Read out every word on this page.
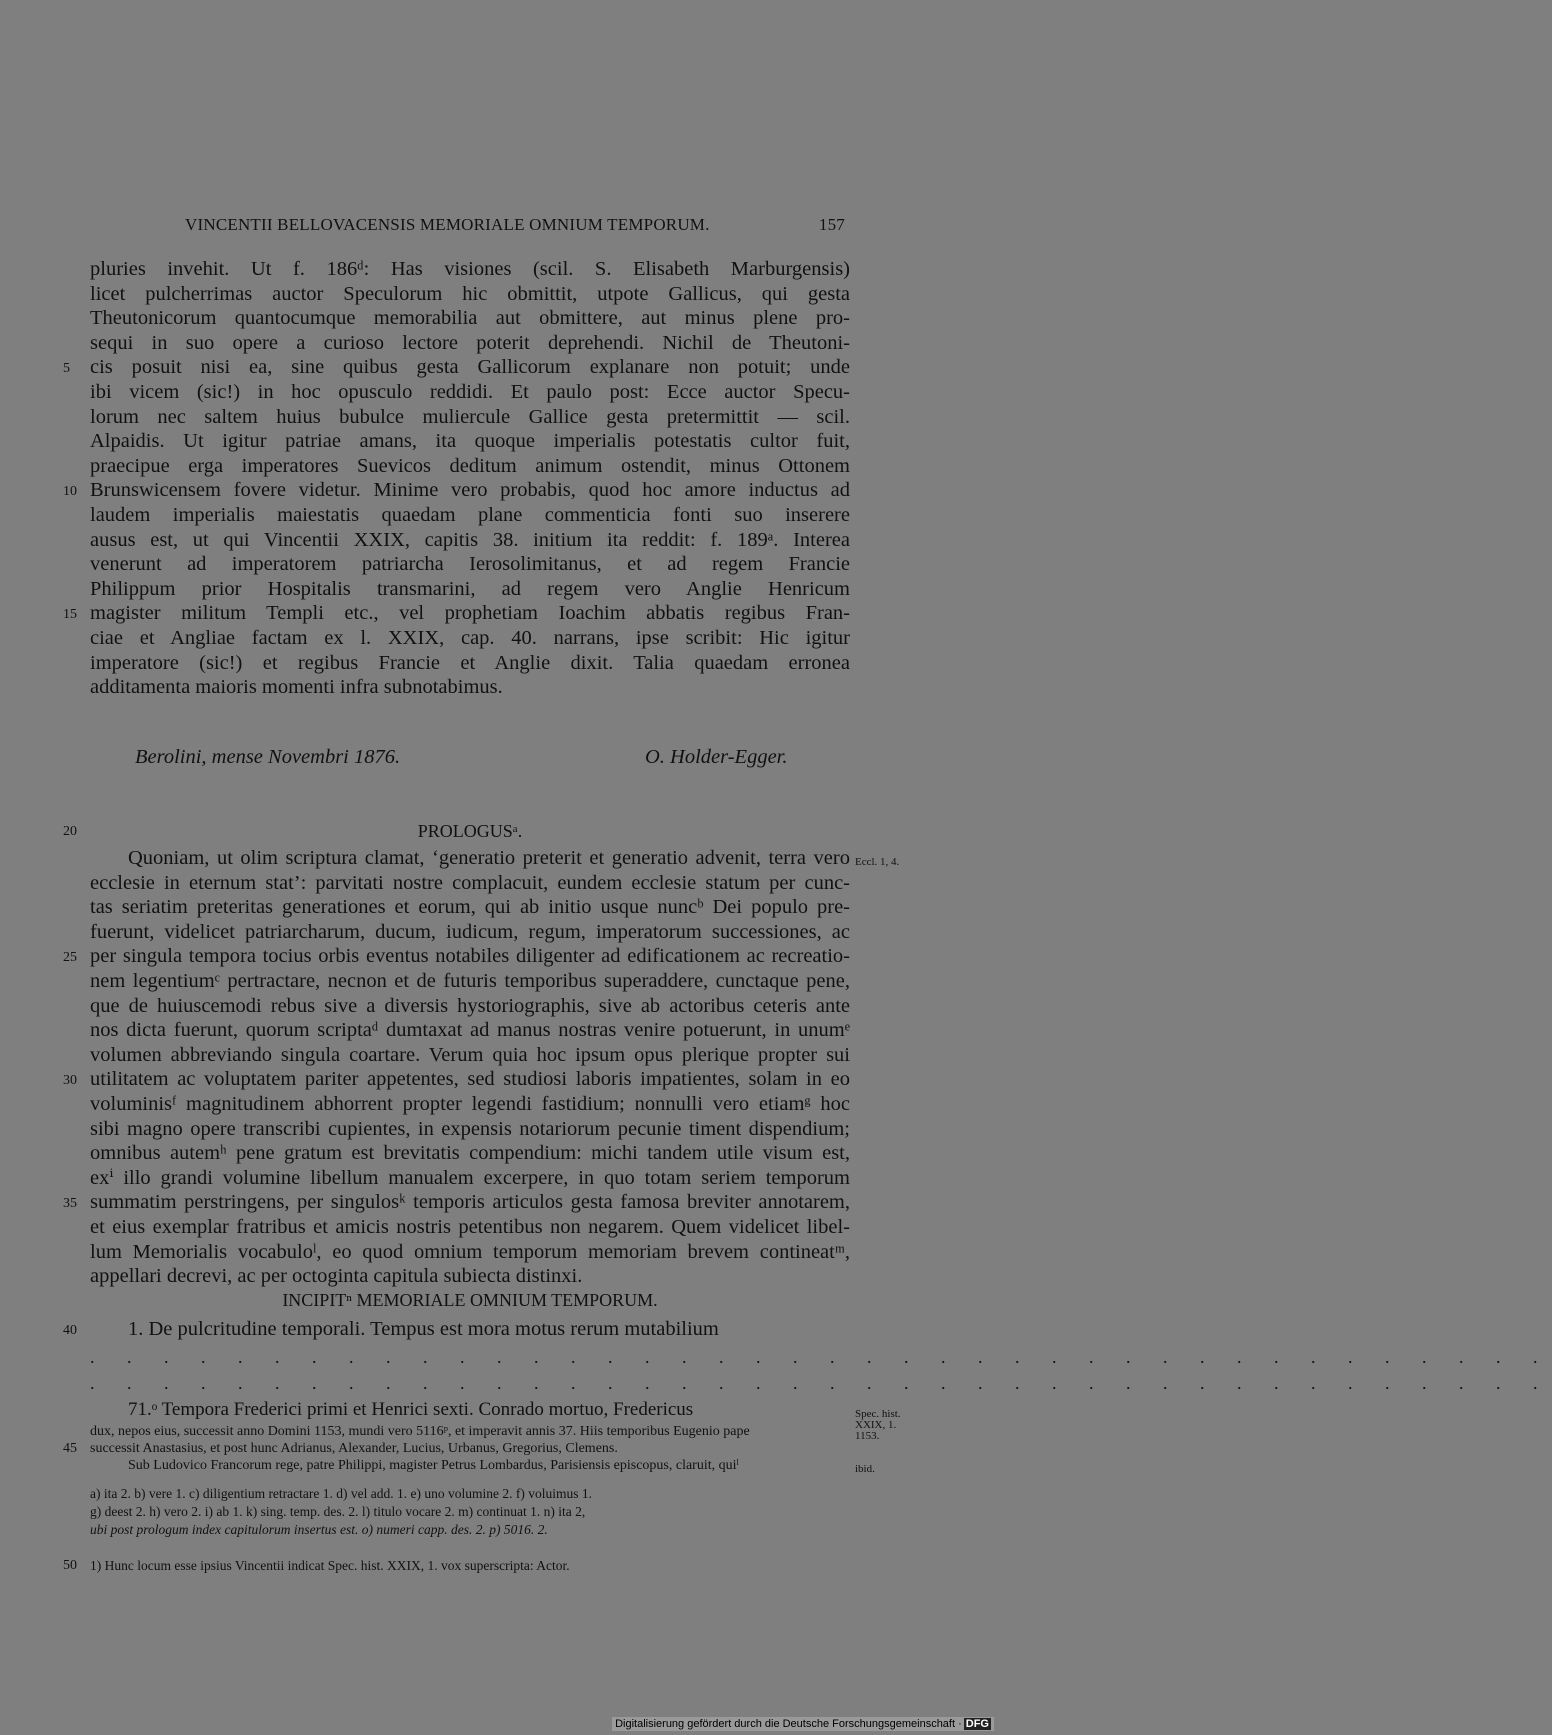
VINCENTII BELLOVACENSIS MEMORIALE OMNIUM TEMPORUM.	157
pluries invehit. Ut f. 186ᵈ: Has visiones (scil. S. Elisabeth Marburgensis)
licet pulcherrimas auctor Speculorum hic obmittit, utpote Gallicus, qui gesta
Theutonicorum quantocumque memorabilia aut obmittere, aut minus plene pro-
sequi in suo opere a curioso lectore poterit deprehendi. Nichil de Theutoni-
5 cis posuit nisi ea, sine quibus gesta Gallicorum explanare non potuit; unde
ibi vicem (sic!) in hoc opusculo reddidi. Et paulo post: Ecce auctor Specu-
lorum nec saltem huius bubulce muliercule Gallice gesta pretermittit — scil.
Alpaidis. Ut igitur patriae amans, ita quoque imperialis potestatis cultor fuit,
praecipue erga imperatores Suevicos deditum animum ostendit, minus Ottonem
10 Brunswicensem fovere videtur. Minime vero probabis, quod hoc amore inductus ad
laudem imperialis maiestatis quaedam plane commenticia fonti suo inserere
ausus est, ut qui Vincentii XXIX, capitis 38. initium ita reddit: f. 189ᵃ. Interea
venerunt ad imperatorem patriarcha Ierosolimitanus, et ad regem Francie
Philippum prior Hospitalis transmarini, ad regem vero Anglie Henricum
15 magister militum Templi etc., vel prophetiam Ioachim abbatis regibus Fran-
ciae et Angliae factam ex l. XXIX, cap. 40. narrans, ipse scribit: Hic igitur
imperatore (sic!) et regibus Francie et Anglie dixit. Talia quaedam erronea
additamenta maioris momenti infra subnotabimus.
Berolini, mense Novembri 1876.	O. Holder-Egger.
20	PROLOGUSᵃ.
Quoniam, ut olim scriptura clamat, ‘generatio preterit et generatio advenit, terra vero Eccl. 1, 4.
ecclesie in eternum stat’: parvitati nostre complacuit, eundem ecclesie statum per cunc-
tas seriatim preteritas generationes et eorum, qui ab initio usque nuncᵇ Dei populo pre-
fuerunt, videlicet patriarcharum, ducum, iudicum, regum, imperatorum successiones, ac
25 per singula tempora tocius orbis eventus notabiles diligenter ad edificationem ac recreatio-
nem legentiumᶜ pertractare, necnon et de futuris temporibus superaddere, cunctaque pene,
que de huiuscemodi rebus sive a diversis hystoriographis, sive ab actoribus ceteris ante
nos dicta fuerunt, quorum scriptaᵈ dumtaxat ad manus nostras venire potuerunt, in unumᵉ
volumen abbreviando singula coartare. Verum quia hoc ipsum opus plerique propter sui
30 utilitatem ac voluptatem pariter appetentes, sed studiosi laboris impatientes, solam in eo
voluminisᶠ magnitudinem abhorrent propter legendi fastidium; nonnulli vero etiamᵍ hoc
sibi magno opere transcribi cupientes, in expensis notariorum pecunie timent dispendium;
omnibus autemʰ pene gratum est brevitatis compendium: michi tandem utile visum est,
exⁱ illo grandi volumine libellum manualem excerpere, in quo totam seriem temporum
35 summatim perstringens, per singulosᵏ temporis articulos gesta famosa breviter annotarem,
et eius exemplar fratribus et amicis nostris petentibus non negarem. Quem videlicet libel-
lum Memorialis vocabuloˡ, eo quod omnium temporum memoriam brevem contineatᵐ,
appellari decrevi, ac per octoginta capitula subiecta distinxi.
INCIPITⁿ MEMORIALE OMNIUM TEMPORUM.
40 1. De pulcritudine temporali. Tempus est mora motus rerum mutabilium
. . . . . . . . . . . . . . . . . . . . . . . . . . . . . . . . . . . . . . . .
. . . . . . . . . . . . . . . . . . . . . . . . . . . . . . . . . . . . . . . .
71.ᵒ Tempora Frederici primi et Henrici sexti. Conrado mortuo, Fredericus	Spec. hist.
dux, nepos eius, successit anno Domini 1153, mundi vero 5116ᵖ, et imperavit annis 37. Hiis temporibus Eugenio pape	XXIX, 1.
1153.
45 successit Anastasius, et post hunc Adrianus, Alexander, Lucius, Urbanus, Gregorius, Clemens.
Sub Ludovico Francorum rege, patre Philippi, magister Petrus Lombardus, Parisiensis episcopus, claruit, quiˡ	ibid.
a) ita 2. b) vere 1. c) diligentium retractare 1. d) vel add. 1. e) uno volumine 2. f) voluimus 1.
g) deest 2. h) vero 2. i) ab 1. k) sing. temp. des. 2. l) titulo vocare 2. m) continuat 1. n) ita 2,
ubi post prologum index capitulorum insertus est. o) numeri capp. des. 2. p) 5016. 2.
50 1) Hunc locum esse ipsius Vincentii indicat Spec. hist. XXIX, 1. vox superscripta: Actor.
Digitalisierung gefördert durch die Deutsche Forschungsgemeinschaft · DFG
